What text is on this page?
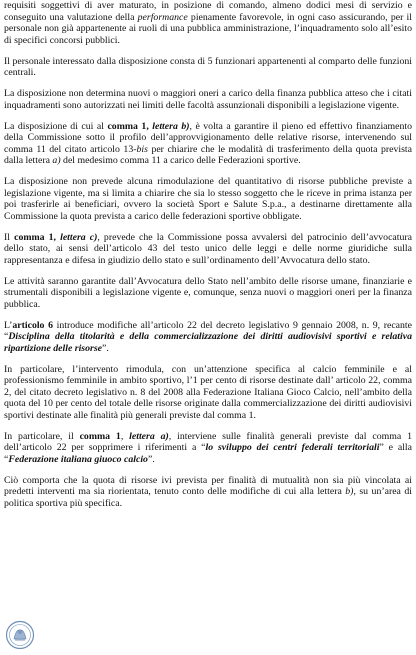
requisiti soggettivi di aver maturato, in posizione di comando, almeno dodici mesi di servizio e conseguito una valutazione della performance pienamente favorevole, in ogni caso assicurando, per il personale non già appartenente ai ruoli di una pubblica amministrazione, l’inquadramento solo all’esito di specifici concorsi pubblici.

Il personale interessato dalla disposizione consta di 5 funzionari appartenenti al comparto delle funzioni centrali.

La disposizione non determina nuovi o maggiori oneri a carico della finanza pubblica atteso che i citati inquadramenti sono autorizzati nei limiti delle facoltà assunzionali disponibili a legislazione vigente.

La disposizione di cui al comma 1, lettera b), è volta a garantire il pieno ed effettivo finanziamento della Commissione sotto il profilo dell’approvvigionamento delle relative risorse, intervenendo sul comma 11 del citato articolo 13-bis per chiarire che le modalità di trasferimento della quota prevista dalla lettera a) del medesimo comma 11 a carico delle Federazioni sportive.

La disposizione non prevede alcuna rimodulazione del quantitativo di risorse pubbliche previste a legislazione vigente, ma si limita a chiarire che sia lo stesso soggetto che le riceve in prima istanza per poi trasferirle ai beneficiari, ovvero la società Sport e Salute S.p.a., a destinarne direttamente alla Commissione la quota prevista a carico delle federazioni sportive obbligate.

Il comma 1, lettera c), prevede che la Commissione possa avvalersi del patrocinio dell’avvocatura dello stato, ai sensi dell’articolo 43 del testo unico delle leggi e delle norme giuridiche sulla rappresentanza e difesa in giudizio dello stato e sull’ordinamento dell’Avvocatura dello stato.

Le attività saranno garantite dall’Avvocatura dello Stato nell’ambito delle risorse umane, finanziarie e strumentali disponibili a legislazione vigente e, comunque, senza nuovi o maggiori oneri per la finanza pubblica.

L’articolo 6 introduce modifiche all’articolo 22 del decreto legislativo 9 gennaio 2008, n. 9, recante “Disciplina della titolarità e della commercializzazione dei diritti audiovisivi sportivi e relativa ripartizione delle risorse”.

In particolare, l’intervento rimodula, con un’attenzione specifica al calcio femminile e al professionismo femminile in ambito sportivo, l’1 per cento di risorse destinate dall’ articolo 22, comma 2, del citato decreto legislativo n. 8 del 2008 alla Federazione Italiana Gioco Calcio, nell’ambito della quota del 10 per cento del totale delle risorse originate dalla commercializzazione dei diritti audiovisivi sportivi destinate alle finalità più generali previste dal comma 1.

In particolare, il comma 1, lettera a), interviene sulle finalità generali previste dal comma 1 dell’articolo 22 per sopprimere i riferimenti a “lo sviluppo dei centri federali territoriali” e alla “Federazione italiana giuoco calcio”.

Ciò comporta che la quota di risorse ivi prevista per finalità di mutualità non sia più vincolata ai predetti interventi ma sia riorientata, tenuto conto delle modifiche di cui alla lettera b), su un’area di politica sportiva più specifica.
